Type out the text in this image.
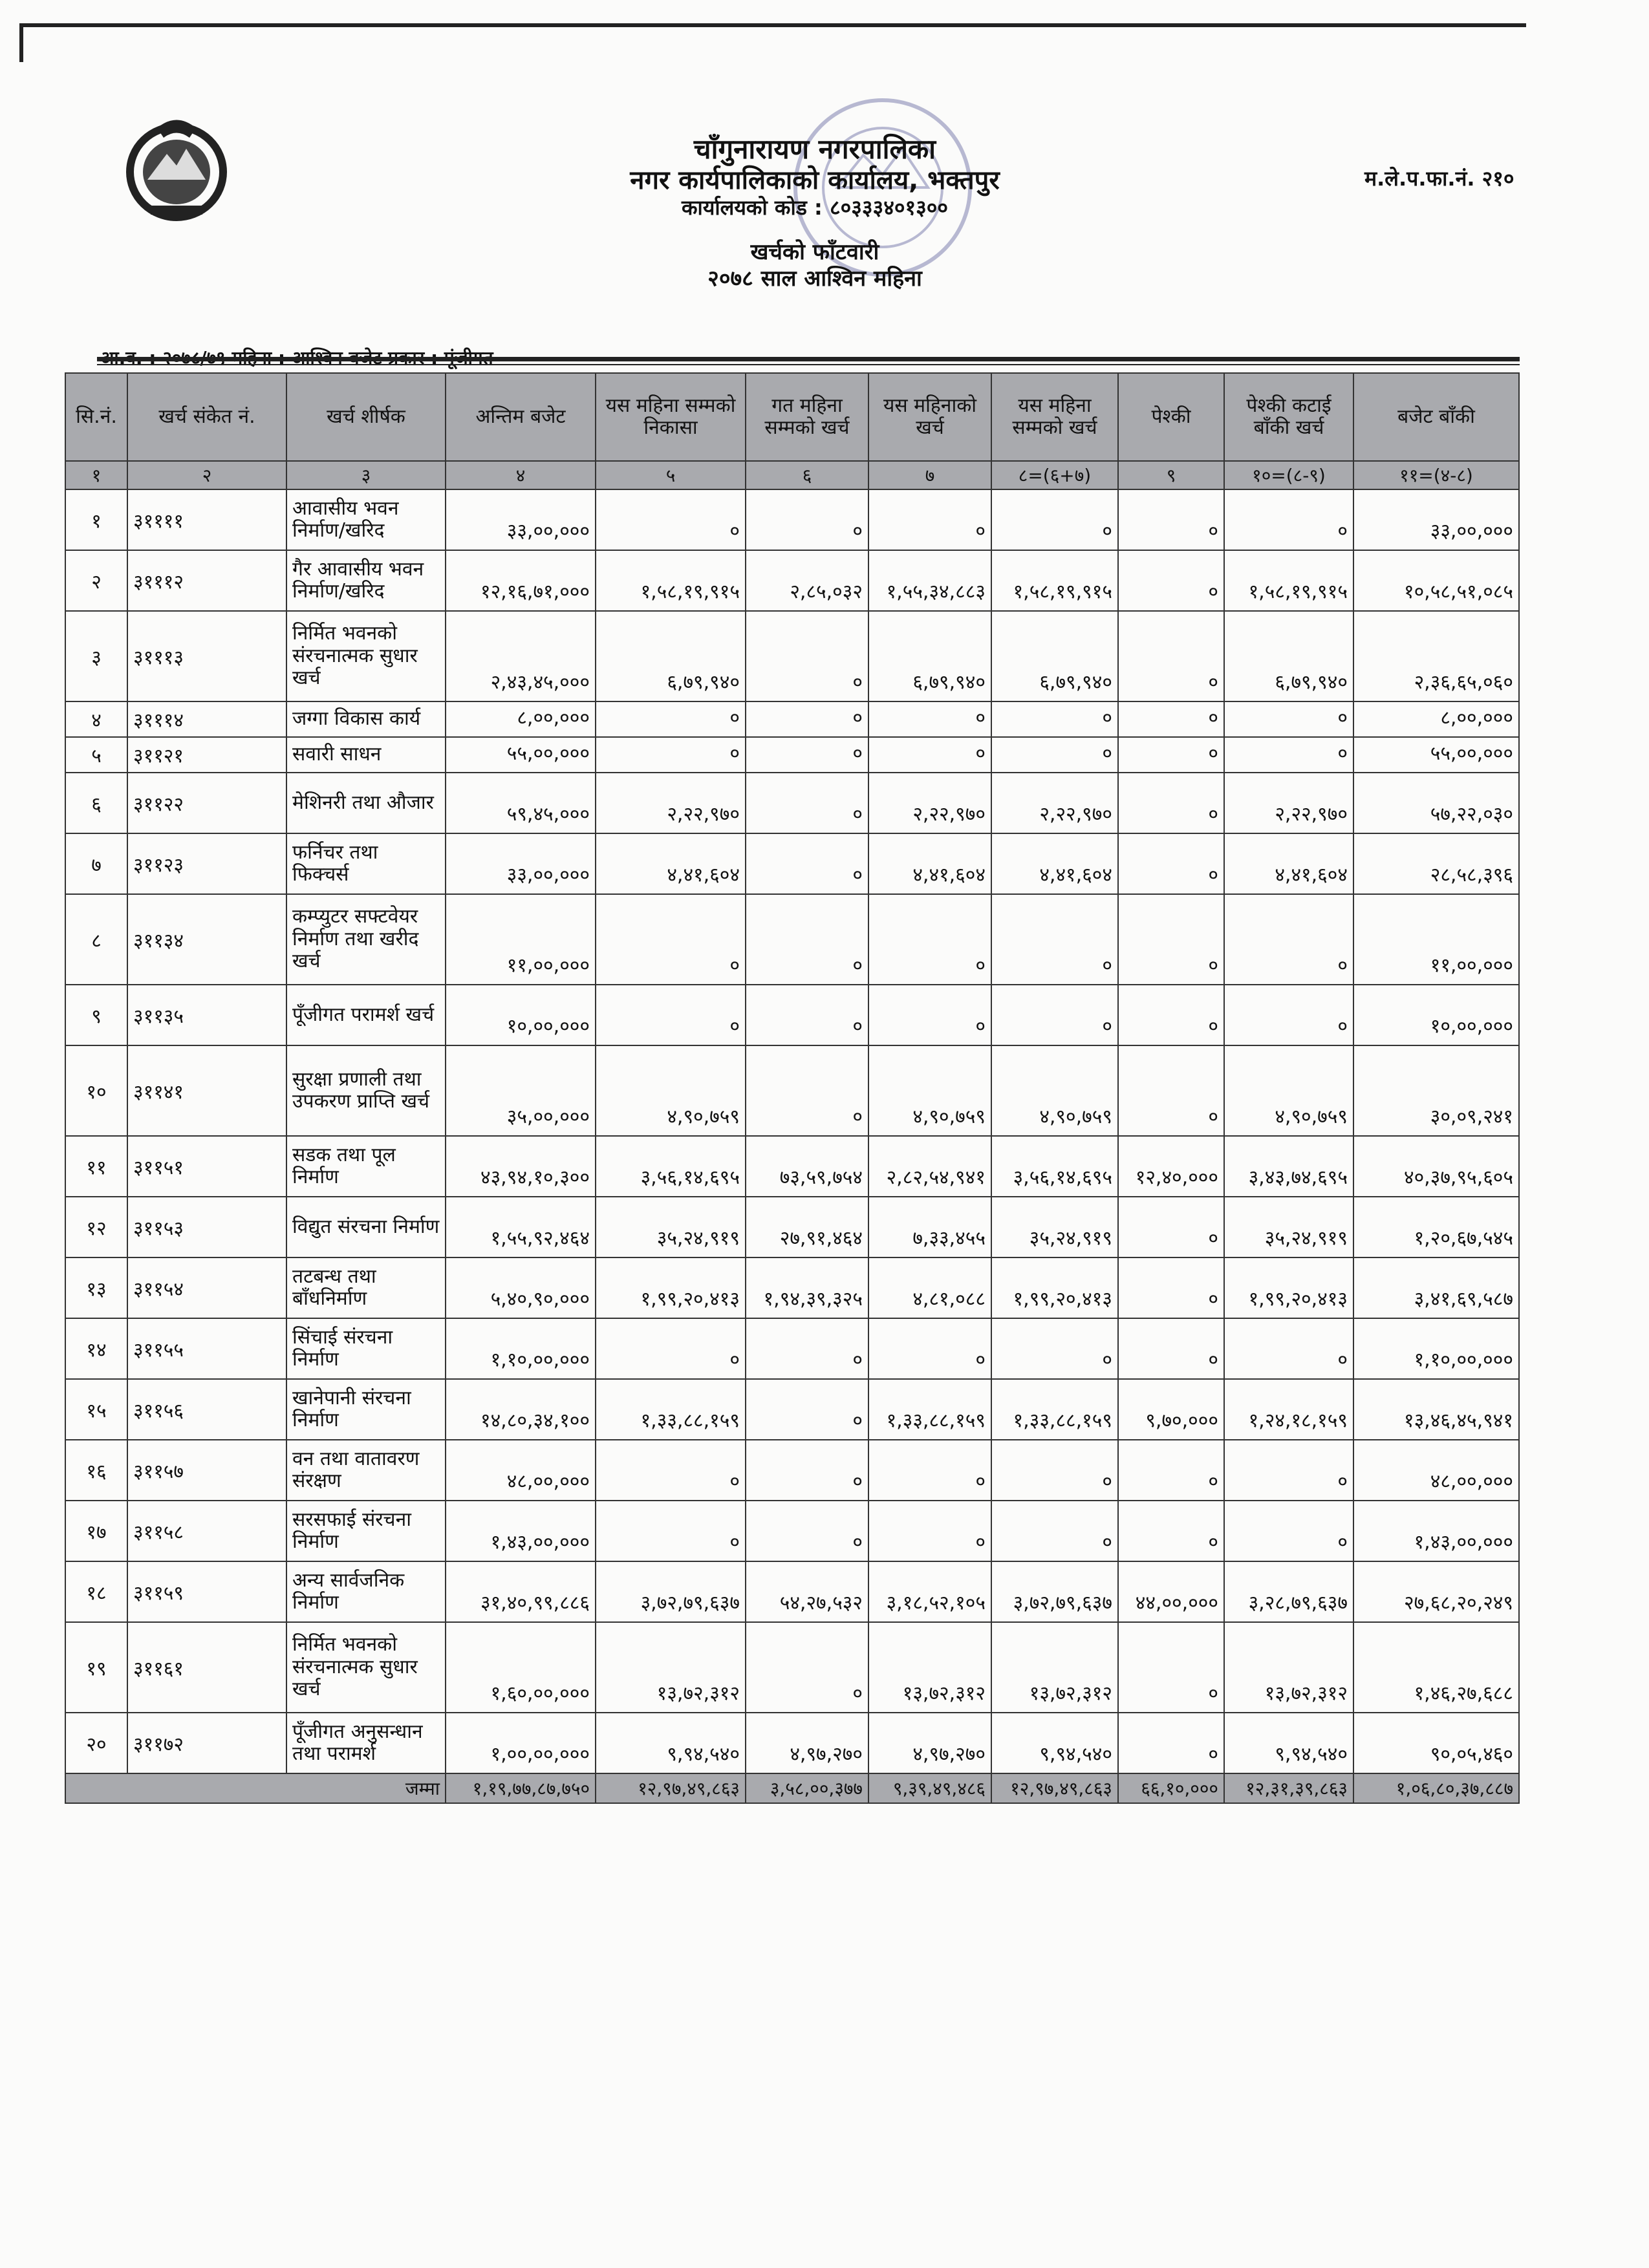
चाँगुनारायण नगरपालिका
नगर कार्यपालिकाको कार्यालय, भक्तपुर
कार्यालयको कोड : ८०३३३४०१३००
खर्चको फाँटवारी
२०७८ साल आश्विन महिना
म.ले.प.फा.नं. २१०
सि.नं.	खर्च संकेत नं.	खर्च शीर्षक	अन्तिम बजेट	यस महिना सम्मको निकासा	गत महिना सम्मको खर्च	यस महिनाको खर्च	यस महिना सम्मको खर्च	पेश्की	पेश्की कटाई बाँकी खर्च	बजेट बाँकी
१	२	३	४	५	६	७	८=(६+७)	९	१०=(८-९)	११=(४-८)
१	३११११	आवासीय भवन निर्माण/खरिद	३३,००,०००	०	०	०	०	०	०	३३,००,०००
२	३१११२	गैर आवासीय भवन निर्माण/खरिद	१२,१६,७१,०००	१,५८,१९,९१५	२,८५,०३२	१,५५,३४,८८३	१,५८,१९,९१५	०	१,५८,१९,९१५	१०,५८,५१,०८५
३	३१११३	निर्मित भवनको संरचनात्मक सुधार खर्च	२,४३,४५,०००	६,७९,९४०	०	६,७९,९४०	६,७९,९४०	०	६,७९,९४०	२,३६,६५,०६०
४	३१११४	जग्गा विकास कार्य	८,००,०००	०	०	०	०	०	०	८,००,०००
५	३११२१	सवारी साधन	५५,००,०००	०	०	०	०	०	०	५५,००,०००
६	३११२२	मेशिनरी तथा औजार	५९,४५,०००	२,२२,९७०	०	२,२२,९७०	२,२२,९७०	०	२,२२,९७०	५७,२२,०३०
७	३११२३	फर्निचर तथा फिक्चर्स	३३,००,०००	४,४१,६०४	०	४,४१,६०४	४,४१,६०४	०	४,४१,६०४	२८,५८,३९६
८	३११३४	कम्प्युटर सफ्टवेयर निर्माण तथा खरीद खर्च	११,००,०००	०	०	०	०	०	०	११,००,०००
९	३११३५	पूँजीगत परामर्श खर्च	१०,००,०००	०	०	०	०	०	०	१०,००,०००
१०	३११४१	सुरक्षा प्रणाली तथा उपकरण प्राप्ति खर्च	३५,००,०००	४,९०,७५९	०	४,९०,७५९	४,९०,७५९	०	४,९०,७५९	३०,०९,२४१
११	३११५१	सडक तथा पूल निर्माण	४३,९४,१०,३००	३,५६,१४,६९५	७३,५९,७५४	२,८२,५४,९४१	३,५६,१४,६९५	१२,४०,०००	३,४३,७४,६९५	४०,३७,९५,६०५
१२	३११५३	विद्युत संरचना निर्माण	१,५५,९२,४६४	३५,२४,९१९	२७,९१,४६४	७,३३,४५५	३५,२४,९१९	०	३५,२४,९१९	१,२०,६७,५४५
१३	३११५४	तटबन्ध तथा बाँधनिर्माण	५,४०,९०,०००	१,९९,२०,४१३	१,९४,३९,३२५	४,८१,०८८	१,९९,२०,४१३	०	१,९९,२०,४१३	३,४१,६९,५८७
१४	३११५५	सिंचाई संरचना निर्माण	१,१०,००,०००	०	०	०	०	०	०	१,१०,००,०००
१५	३११५६	खानेपानी संरचना निर्माण	१४,८०,३४,१००	१,३३,८८,१५९	०	१,३३,८८,१५९	१,३३,८८,१५९	९,७०,०००	१,२४,१८,१५९	१३,४६,४५,९४१
१६	३११५७	वन तथा वातावरण संरक्षण	४८,००,०००	०	०	०	०	०	०	४८,००,०००
१७	३११५८	सरसफाई संरचना निर्माण	१,४३,००,०००	०	०	०	०	०	०	१,४३,००,०००
१८	३११५९	अन्य सार्वजनिक निर्माण	३१,४०,९९,८८६	३,७२,७९,६३७	५४,२७,५३२	३,१८,५२,१०५	३,७२,७९,६३७	४४,००,०००	३,२८,७९,६३७	२७,६८,२०,२४९
१९	३११६१	निर्मित भवनको संरचनात्मक सुधार खर्च	१,६०,००,०००	१३,७२,३१२	०	१३,७२,३१२	१३,७२,३१२	०	१३,७२,३१२	१,४६,२७,६८८
२०	३११७२	पूँजीगत अनुसन्धान तथा परामर्श	१,००,००,०००	९,९४,५४०	४,९७,२७०	४,९७,२७०	९,९४,५४०	०	९,९४,५४०	९०,०५,४६०
जम्मा			१,१९,७७,८७,७५०	१२,९७,४९,८६३	३,५८,००,३७७	९,३९,४९,४८६	१२,९७,४९,८६३	६६,१०,०००	१२,३१,३९,८६३	१,०६,८०,३७,८८७
